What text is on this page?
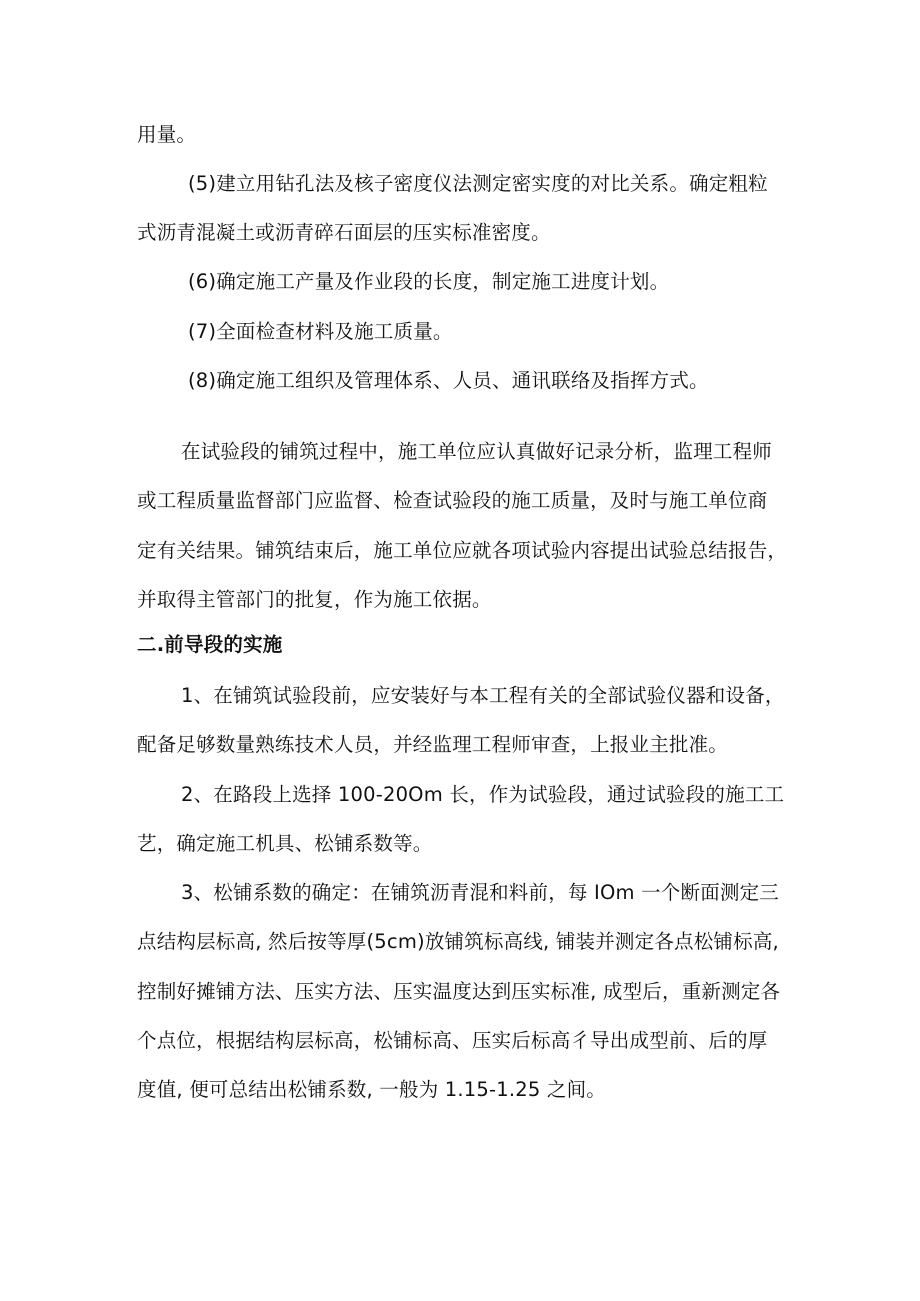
用量。
(5)建立用钻孔法及核子密度仪法测定密实度的对比关系。确定粗粒
式沥青混凝土或沥青碎石面层的压实标准密度。
(6)确定施工产量及作业段的长度，制定施工进度计划。
(7)全面检查材料及施工质量。
(8)确定施工组织及管理体系、人员、通讯联络及指挥方式。
在试验段的铺筑过程中，施工单位应认真做好记录分析，监理工程师
或工程质量监督部门应监督、检查试验段的施工质量，及时与施工单位商
定有关结果。铺筑结束后，施工单位应就各项试验内容提出试验总结报告，
并取得主管部门的批复，作为施工依据。
二.前导段的实施
1、在铺筑试验段前，应安装好与本工程有关的全部试验仪器和设备，
配备足够数量熟练技术人员，并经监理工程师审查，上报业主批准。
2、在路段上选择 100-20Om 长，作为试验段，通过试验段的施工工
艺，确定施工机具、松铺系数等。
3、松铺系数的确定：在铺筑沥青混和料前，每 IOm 一个断面测定三
点结构层标高, 然后按等厚(5cm)放铺筑标高线, 铺装并测定各点松铺标高,
控制好摊铺方法、压实方法、压实温度达到压实标准, 成型后，重新测定各
个点位，根据结构层标高，松铺标高、压实后标高彳导出成型前、后的厚
度值, 便可总结出松铺系数, 一般为 1.15-1.25 之间。
